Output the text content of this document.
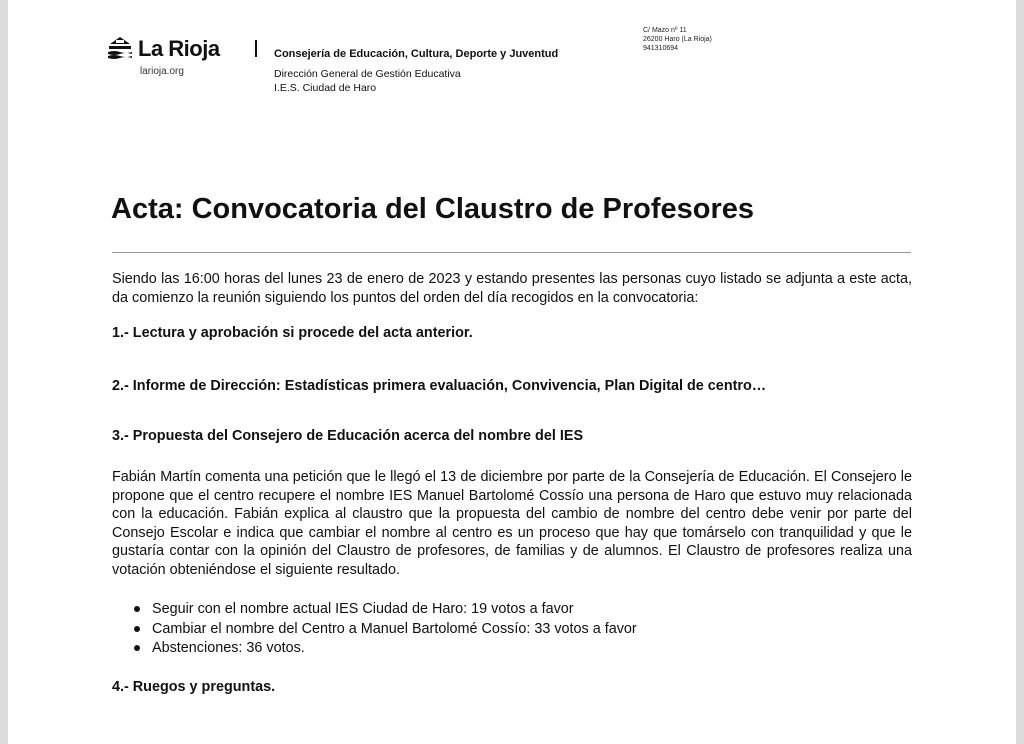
La Rioja
larioja.org
Consejería de Educación, Cultura, Deporte y Juventud
Dirección General de Gestión Educativa
I.E.S. Ciudad de Haro
C/ Mazo nº 11
26200 Haro (La Rioja)
941310694
Acta: Convocatoria del Claustro de Profesores

Siendo las 16:00 horas del lunes 23 de enero de 2023 y estando presentes las personas cuyo listado se adjunta a este acta, da comienzo la reunión siguiendo los puntos del orden del día recogidos en la convocatoria:

1.- Lectura y aprobación si procede del acta anterior.

2.- Informe de Dirección: Estadísticas primera evaluación, Convivencia, Plan Digital de centro…

3.- Propuesta del Consejero de Educación acerca del nombre del IES

Fabián Martín comenta una petición que le llegó el 13 de diciembre por parte de la Consejería de Educación. El Consejero le propone que el centro recupere el nombre IES Manuel Bartolomé Cossío una persona de Haro que estuvo muy relacionada con la educación. Fabián explica al claustro que la propuesta del cambio de nombre del centro debe venir por parte del Consejo Escolar e indica que cambiar el nombre al centro es un proceso que hay que tomárselo con tranquilidad y que le gustaría contar con la opinión del Claustro de profesores, de familias y de alumnos. El Claustro de profesores realiza una votación obteniéndose el siguiente resultado.

Seguir con el nombre actual IES Ciudad de Haro: 19 votos a favor
Cambiar el nombre del Centro a Manuel Bartolomé Cossío: 33 votos a favor
Abstenciones: 36 votos.

4.- Ruegos y preguntas.
